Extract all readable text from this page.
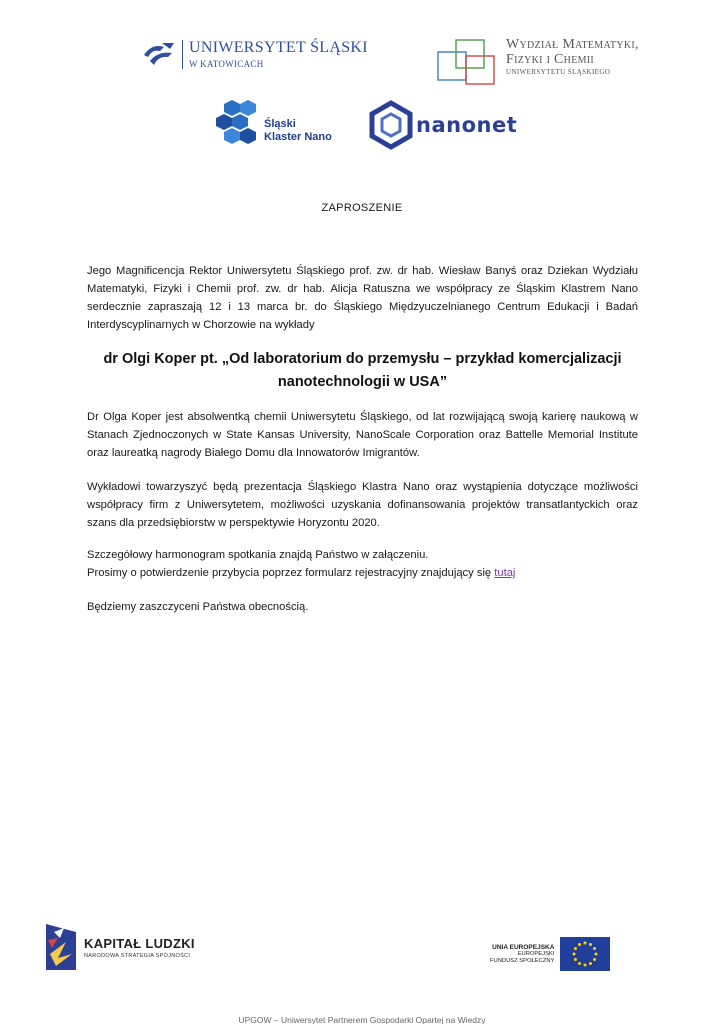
UNIWERSYTET ŚLĄSKI
W KATOWICACH
Wydział Matematyki,
Fizyki i Chemii
UNIWERSYTETU ŚLĄSKIEGO
Śląski
Klaster Nano	nanonet
ZAPROSZENIE
Jego Magnificencja Rektor Uniwersytetu Śląskiego prof. zw. dr hab. Wiesław Banyś oraz Dziekan Wydziału Matematyki, Fizyki i Chemii prof. zw. dr hab. Alicja Ratuszna we współpracy ze Śląskim Klastrem Nano serdecznie zapraszają 12 i 13 marca br. do Śląskiego Międzyuczelnianego Centrum Edukacji i Badań Interdyscyplinarnych w Chorzowie na wykłady
dr Olgi Koper pt. „Od laboratorium do przemysłu – przykład komercjalizacji
nanotechnologii w USA”
Dr Olga Koper jest absolwentką chemii Uniwersytetu Śląskiego, od lat rozwijającą swoją karierę naukową w Stanach Zjednoczonych w State Kansas University, NanoScale Corporation oraz Battelle Memorial Institute oraz laureatką nagrody Białego Domu dla Innowatorów Imigrantów.
Wykładowi towarzyszyć będą prezentacja Śląskiego Klastra Nano oraz wystąpienia dotyczące możliwości współpracy firm z Uniwersytetem, możliwości uzyskania dofinansowania projektów transatlantyckich oraz szans dla przedsiębiorstw w perspektywie Horyzontu 2020.
Szczegółowy harmonogram spotkania znajdą Państwo w załączeniu.
Prosimy o potwierdzenie przybycia poprzez formularz rejestracyjny znajdujący się tutaj
Będziemy zaszczyceni Państwa obecnością.
KAPITAŁ LUDZKI
NARODOWA STRATEGIA SPÓJNOŚCI
UNIA EUROPEJSKA
EUROPEJSKI
FUNDUSZ SPOŁECZNY
UPGOW – Uniwersytet Partnerem Gospodarki Opartej na Wiedzy
